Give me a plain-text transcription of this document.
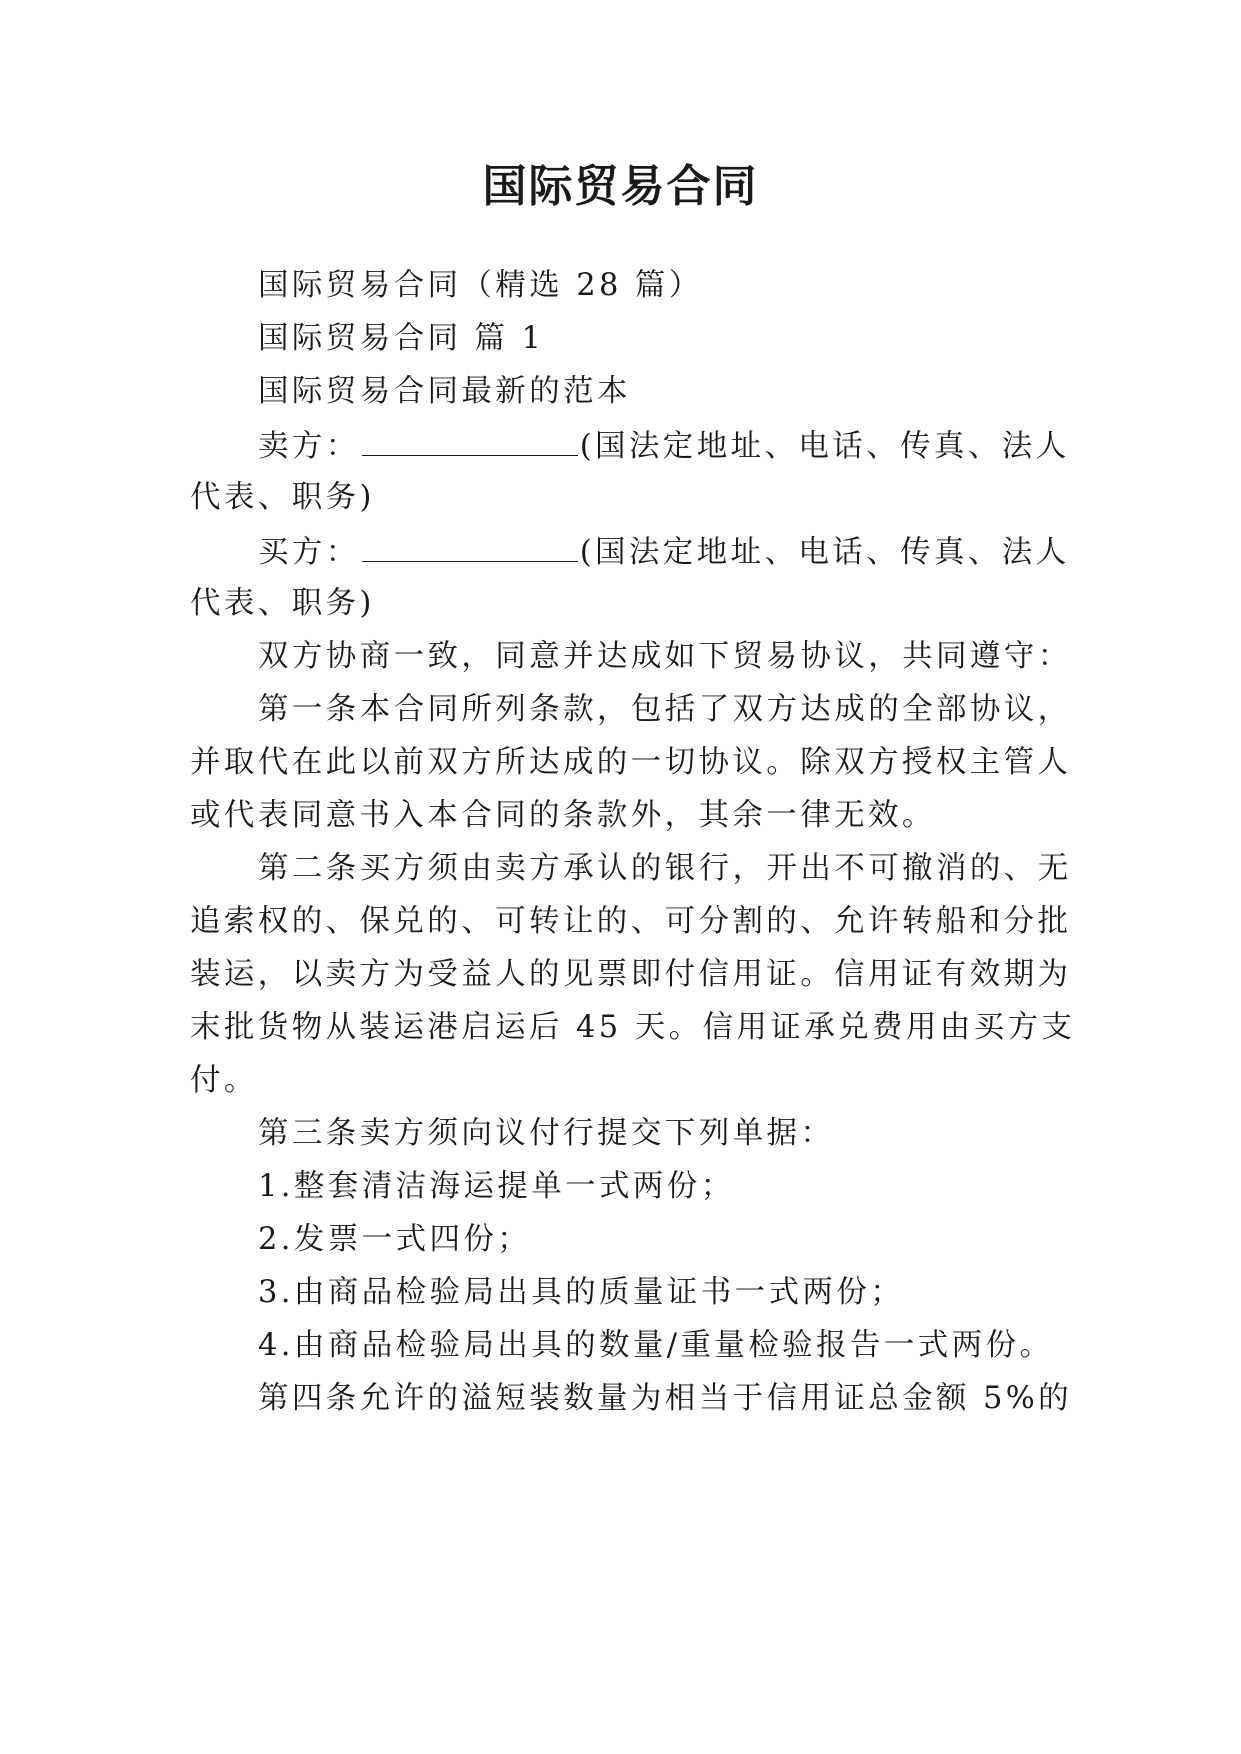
国际贸易合同
国际贸易合同（精选 28 篇）
国际贸易合同 篇 1
国际贸易合同最新的范本
卖方：	(国法定地址、电话、传真、法人
代表、职务)
买方：	(国法定地址、电话、传真、法人
代表、职务)
双方协商一致，同意并达成如下贸易协议，共同遵守：
第一条本合同所列条款，包括了双方达成的全部协议，
并取代在此以前双方所达成的一切协议。除双方授权主管人
或代表同意书入本合同的条款外，其余一律无效。
第二条买方须由卖方承认的银行，开出不可撤消的、无
追索权的、保兑的、可转让的、可分割的、允许转船和分批
装运，以卖方为受益人的见票即付信用证。信用证有效期为
末批货物从装运港启运后 45 天。信用证承兑费用由买方支
付。
第三条卖方须向议付行提交下列单据：
1.整套清洁海运提单一式两份；
2.发票一式四份；
3.由商品检验局出具的质量证书一式两份；
4.由商品检验局出具的数量/重量检验报告一式两份。
第四条允许的溢短装数量为相当于信用证总金额 5%的
